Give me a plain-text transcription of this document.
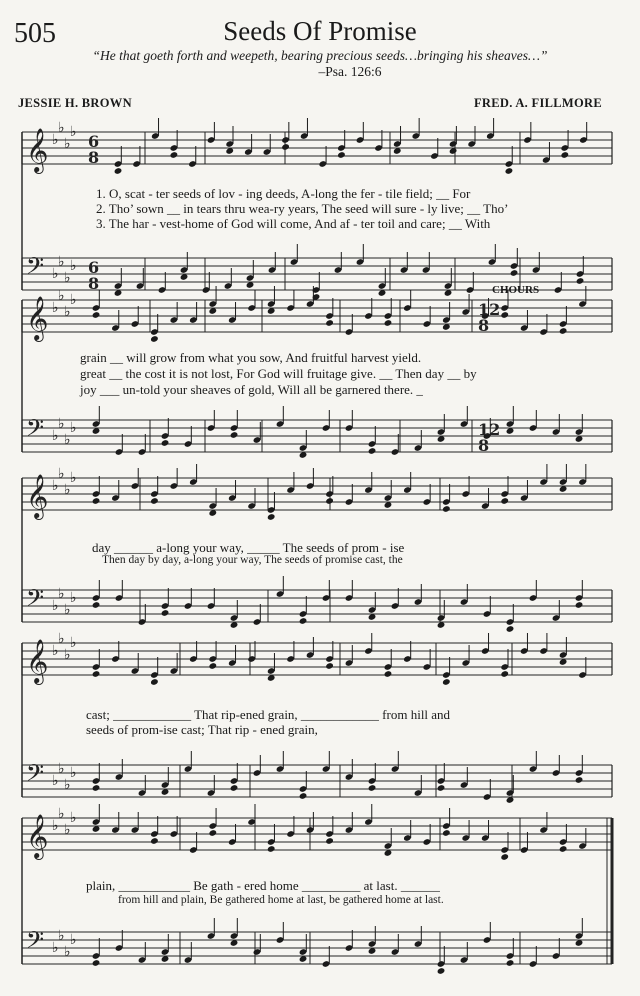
505	Seeds Of Promise
“He that goeth forth and weepeth, bearing precious seeds…bringing his sheaves…”
–Psa. 126:6
JESSIE H. BROWN	FRED. A. FILLMORE
𝄞
𝄢
♭
♭
♭
♭
♭
♭
♭
♭
6
8
6
8
𝄞
𝄢
♭
♭
♭
♭
♭
♭
♭
♭
𝄞
𝄢
♭
♭
♭
♭
♭
♭
♭
♭
𝄞
𝄢
♭
♭
♭
♭
♭
♭
♭
♭
𝄞
𝄢
♭
♭
♭
♭
♭
♭
♭
♭
12
8
12
8
CHOURS
1. O, scat - ter seeds of lov - ing deeds, A-long the fer - tile field; __ For
2. Tho’ sown __ in tears thru wea-ry years, The seed will sure - ly live; __ Tho’
3. The har - vest-home of God will come, And af - ter toil and care; __ With
grain __ will grow from what you sow, And fruitful harvest yield.
great __ the cost it is not lost, For God will fruitage give. __ Then day __ by
joy ___ un-told your sheaves of gold, Will all be garnered there. _
day ______ a-long your way, _____ The seeds of prom - ise
Then day by day, a-long your way, The seeds of promise cast, the
cast; ____________ That rip-ened grain, ____________ from hill and
seeds of prom-ise cast; That rip - ened grain,
plain, ___________ Be gath - ered home _________ at last. ______
from hill and plain, Be gathered home at last, be gathered home at last.
